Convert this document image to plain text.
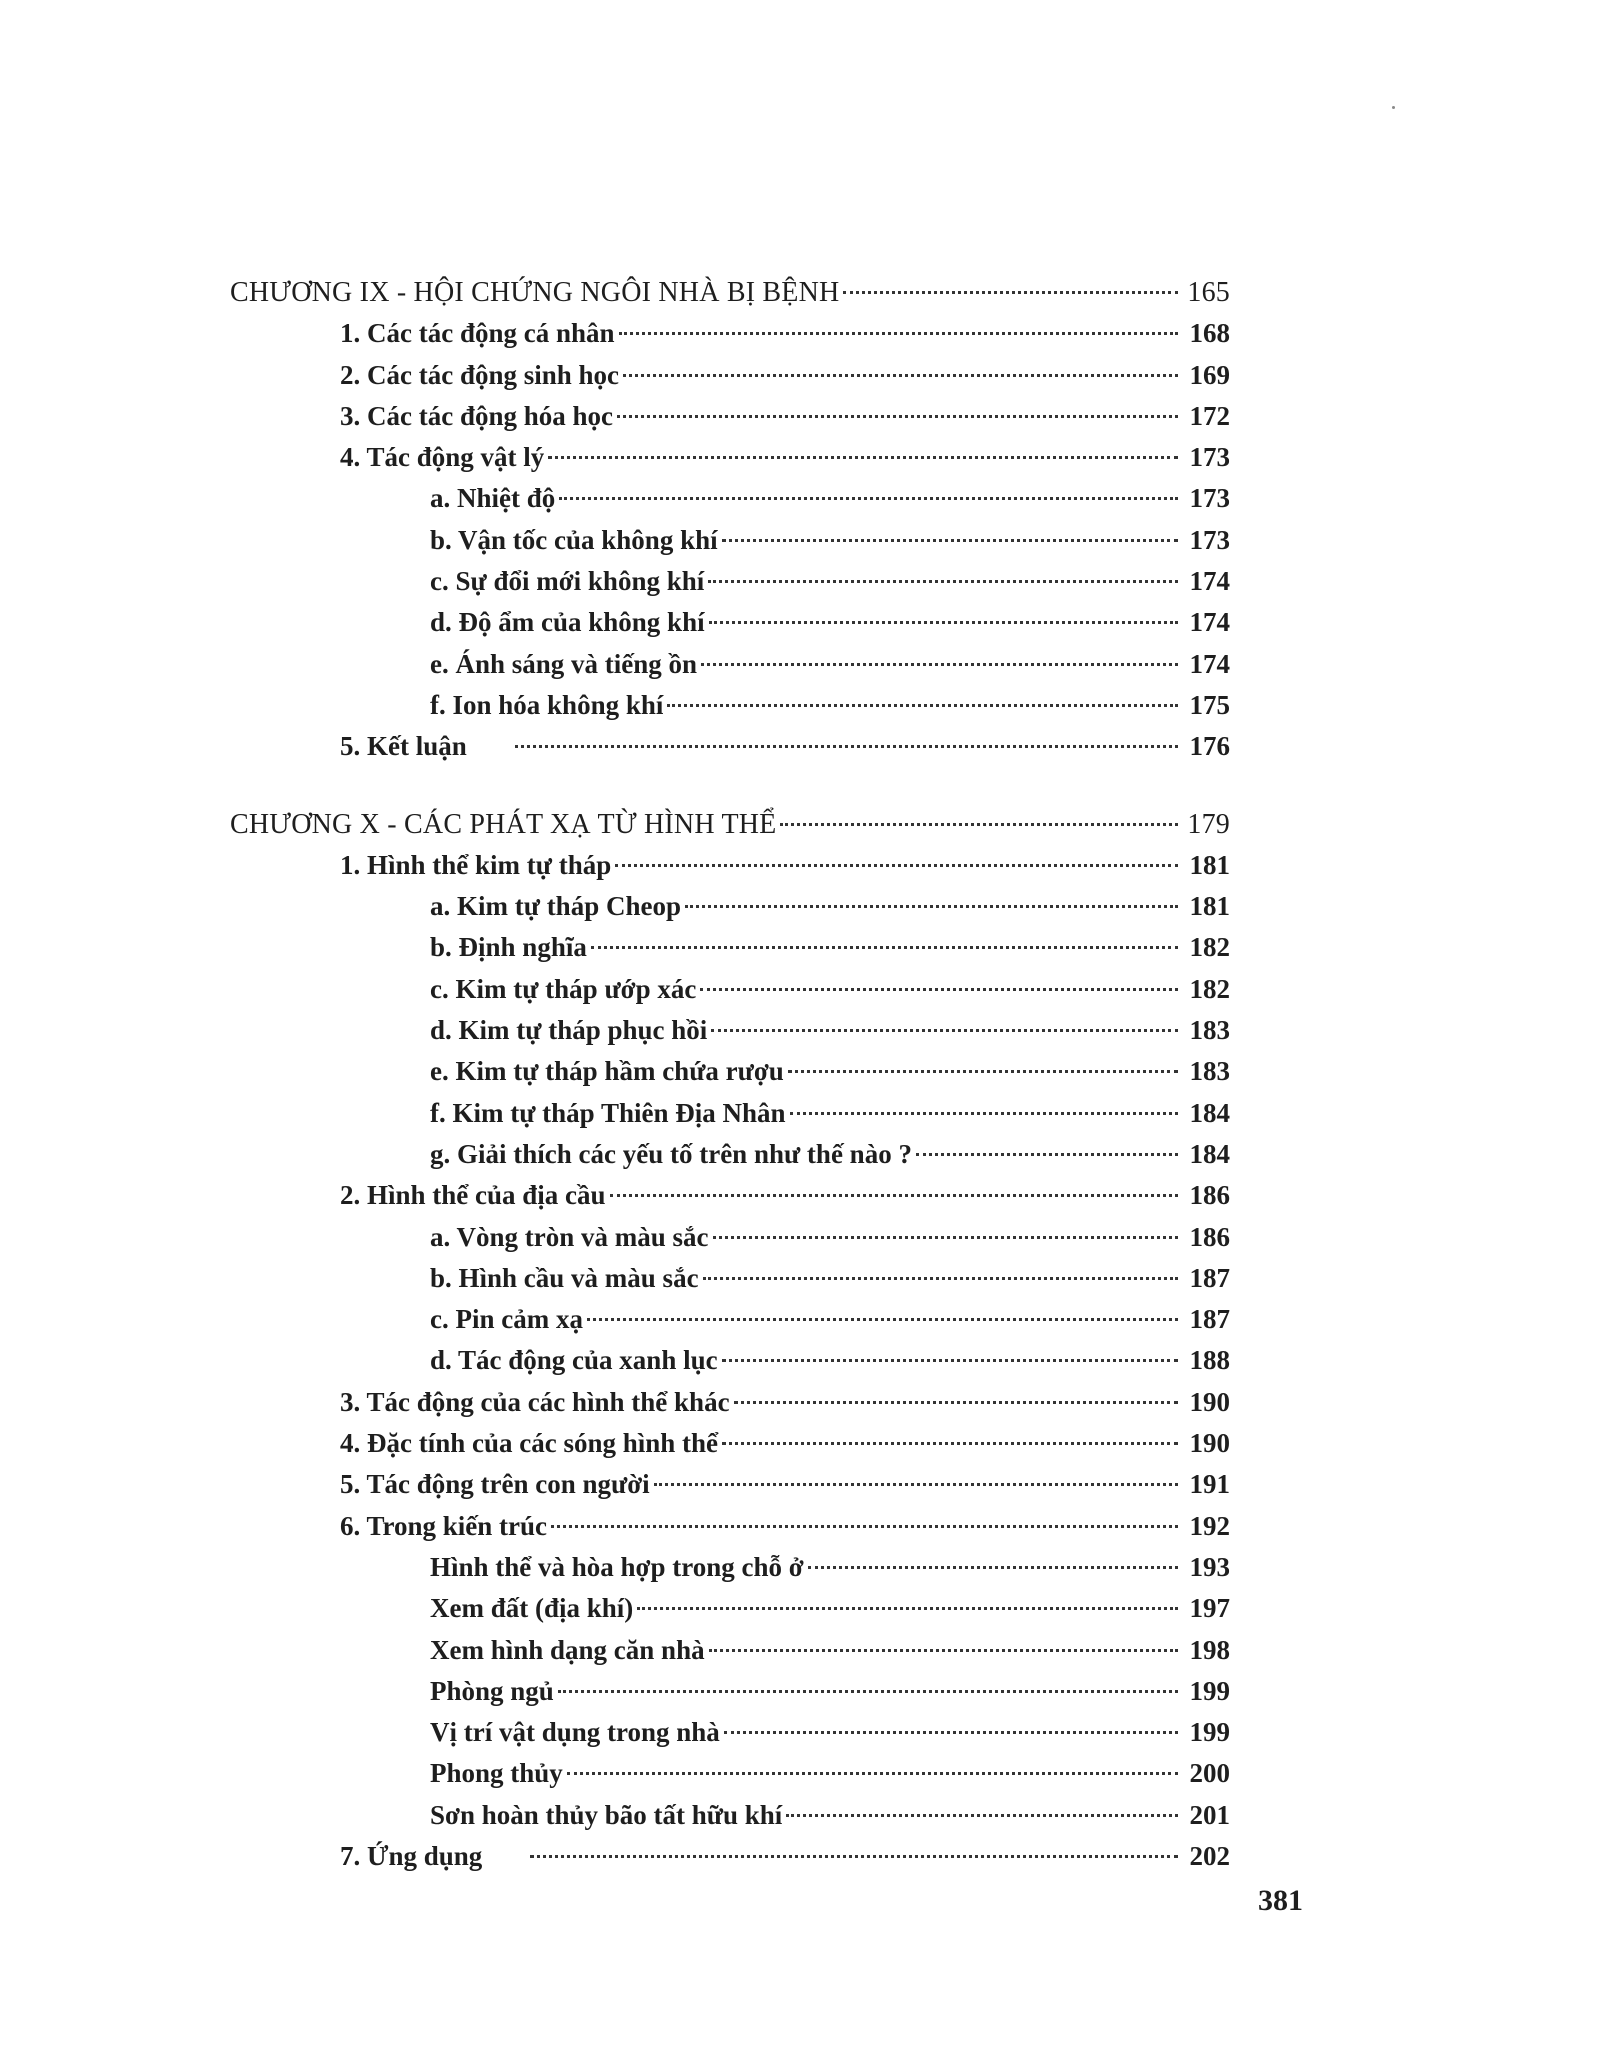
CHƯƠNG IX - HỘI CHỨNG NGÔI NHÀ BỊ BỆNH	165
1. Các tác động cá nhân	168
2. Các tác động sinh học	169
3. Các tác động hóa học	172
4. Tác động vật lý	173
a. Nhiệt độ	173
b. Vận tốc của không khí	173
c. Sự đổi mới không khí	174
d. Độ ẩm của không khí	174
e. Ánh sáng và tiếng ồn	174
f. Ion hóa không khí	175
5. Kết luận	176
CHƯƠNG X - CÁC PHÁT XẠ TỪ HÌNH THỂ	179
1. Hình thể kim tự tháp	181
a. Kim tự tháp Cheop	181
b. Định nghĩa	182
c. Kim tự tháp ướp xác	182
d. Kim tự tháp phục hồi	183
e. Kim tự tháp hầm chứa rượu	183
f. Kim tự tháp Thiên Địa Nhân	184
g. Giải thích các yếu tố trên như thế nào ?	184
2. Hình thể của địa cầu	186
a. Vòng tròn và màu sắc	186
b. Hình cầu và màu sắc	187
c. Pin cảm xạ	187
d. Tác động của xanh lục	188
3. Tác động của các hình thể khác	190
4. Đặc tính của các sóng hình thể	190
5. Tác động trên con người	191
6. Trong kiến trúc	192
Hình thể và hòa hợp trong chỗ ở	193
Xem đất (địa khí)	197
Xem hình dạng căn nhà	198
Phòng ngủ	199
Vị trí vật dụng trong nhà	199
Phong thủy	200
Sơn hoàn thủy bão tất hữu khí	201
7. Ứng dụng	202
381
